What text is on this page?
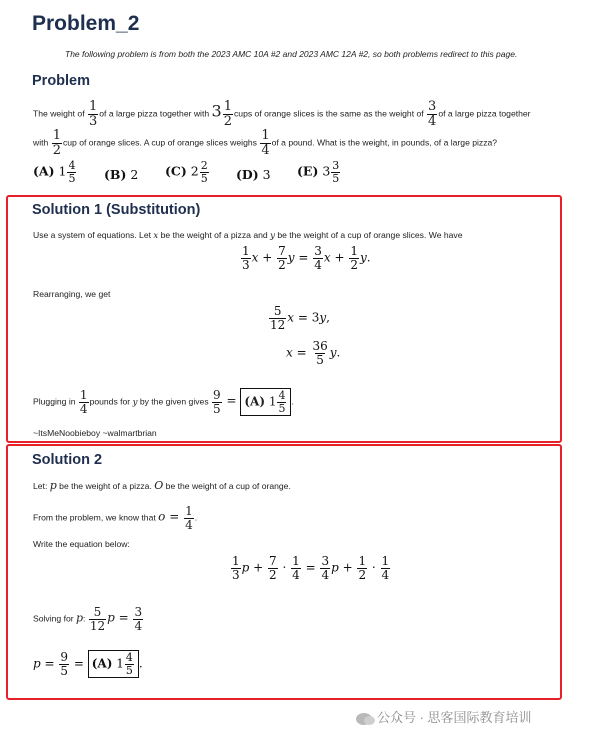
Problem_2
The following problem is from both the 2023 AMC 10A #2 and 2023 AMC 12A #2, so both problems redirect to this page.
Problem
The weight of $\frac{1}{3}$ of a large pizza together with $3 \frac{1}{2}$ cups of orange slices is the same as the weight of $\frac{3}{4}$ of a large pizza together
with $\frac{1}{2}$ cup of orange slices. A cup of orange slices weighs $\frac{1}{4}$ of a pound. What is the weight, in pounds, of a large pizza?
(A) $1 \frac{4}{5} (B)$ 2 (C) $2 \frac{2}{5} (D)$ 3 (E) $3 \frac{3}{5}$
Solution 1 (Substitution)
Use a system of equations. Let x be the weight of a pizza and y be the weight of a cup of orange slices. We have
$\frac{1}{3}$ $x + \frac{7}{2}$ $y = \frac{3}{4}$ $x + \frac{1}{2} y$.
Rearranging, we get
$\frac{5}{12}$ x = 3y,
$x = \frac{36}{5} y$.
Plugging in $\frac{1}{4}$ pounds for y by the given gives $\frac{9}{5} = (A)$ $1 \frac{4}{5}$ .
~ItsMeNoobieboy ~walmartbrian
Solution 2
Let: p be the weight of a pizza. O be the weight of a cup of orange.
From the problem, we know that $o = \frac{1}{4}$ .
Write the equation below:
$\frac{1}{3}$ $p + \frac{7}{2} \cdot \frac{1}{4} = \frac{3}{4}$ $p + \frac{1}{2} \cdot \frac{1}{4}$
Solving for p: $\frac{5}{12}$ $p = \frac{3}{4}$
$p = \frac{9}{5} = (A)$ $1 \frac{4}{5}$ .
公众号 · 思客国际教育培训
